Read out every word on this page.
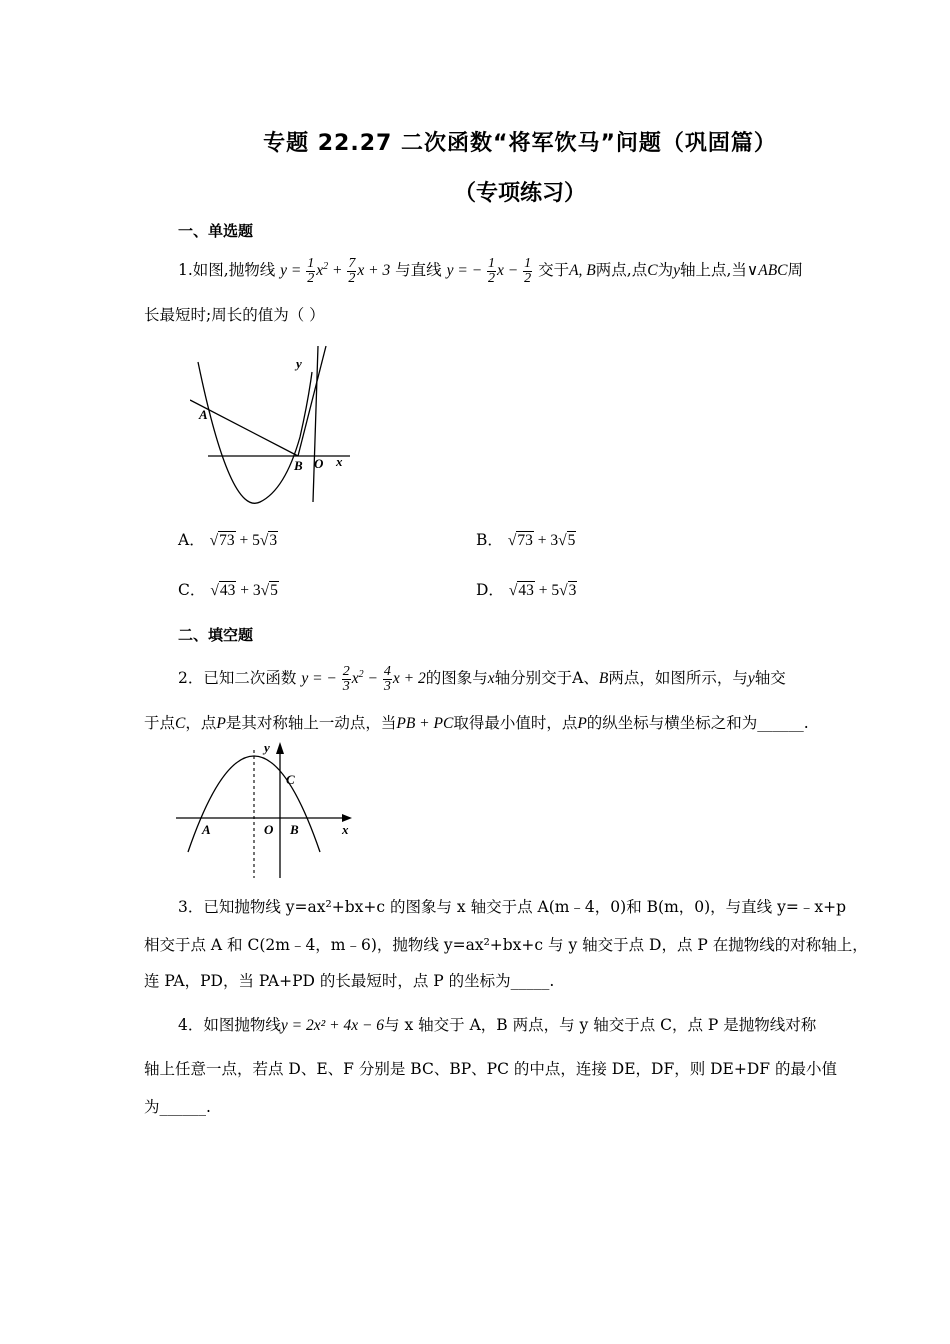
专题 22.27 二次函数“将军饮马”问题（巩固篇）
（专项练习）
一、单选题
1.如图,抛物线 $y = \frac{1}{2} x^2 + \frac{7}{2}$ x + 3 与直线 y = − $\frac{1}{2}$ $x - \frac{1}{2}$ 交于A, B两点,点C为y轴上点,当∨ABC周
长最短时;周长的值为（ ）
y
A
B O x
A． √73 + 5√3	B． √73 + 3√5
C． √43 + 3√5	D． √43 + 5√3
二、填空题
2．已知二次函数 y = − $\frac{2}{3} x^2 - \frac{4}{3}$ x + 2的图象与x轴分别交于A、B两点，如图所示，与y轴交
于点C，点P是其对称轴上一动点，当PB + PC取得最小值时，点P的纵坐标与横坐标之和为______.
y
C
A	O B	x
3．已知抛物线 y=ax²+bx+c 的图象与 x 轴交于点 A(m﹣4，0)和 B(m，0)，与直线 y=﹣x+p
相交于点 A 和 C(2m﹣4，m﹣6)，抛物线 y=ax²+bx+c 与 y 轴交于点 D，点 P 在抛物线的对称轴上，
连 PA，PD，当 PA+PD 的长最短时，点 P 的坐标为_____.
4．如图抛物线y = 2x² + 4x − 6与 x 轴交于 A，B 两点，与 y 轴交于点 C，点 P 是抛物线对称
轴上任意一点，若点 D、E、F 分别是 BC、BP、PC 的中点，连接 DE，DF，则 DE+DF 的最小值
为______.
